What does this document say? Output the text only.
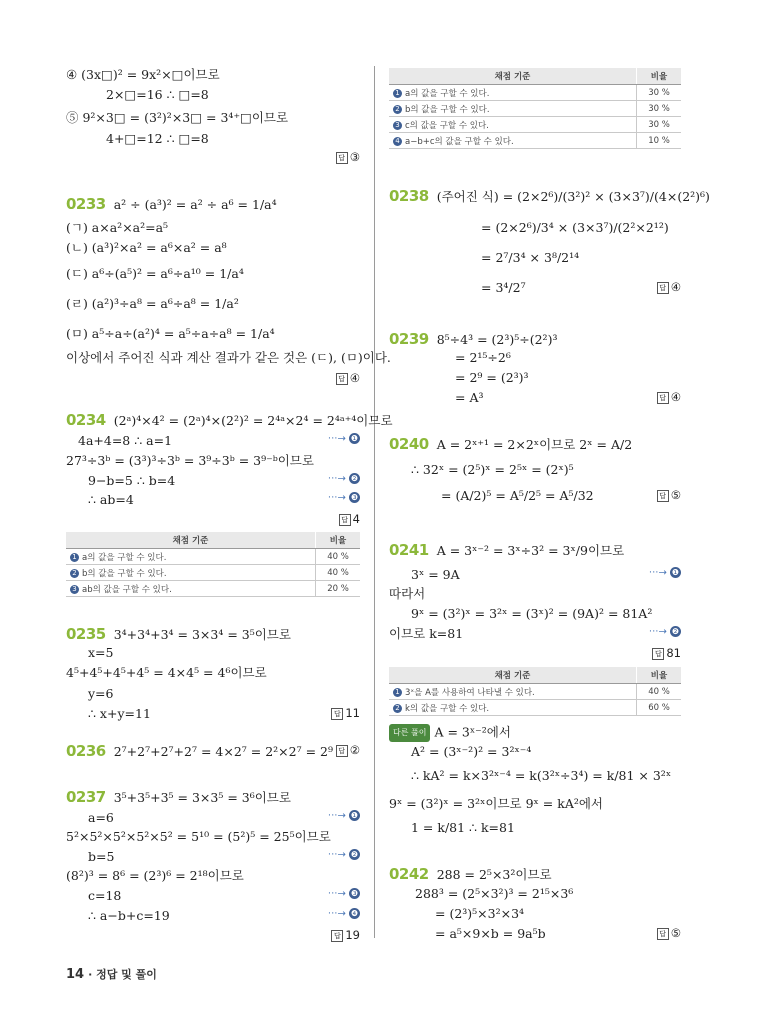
④ (3x□)² = 9x²×□이므로
2×□=16 ∴ □=8
⑤ 9²×3□ = (3²)²×3□ = 3⁴⁺□이므로
4+□=12 ∴ □=8
답 ③
0233 a² ÷ (a³)² = a² ÷ a⁶ = 1/a⁴
(ㄱ) a×a²×a²=a⁵
(ㄴ) (a³)²×a² = a⁶×a² = a⁸
(ㄷ) a⁶÷(a⁵)² = a⁶÷a¹⁰ = 1/a⁴
(ㄹ) (a²)³÷a⁸ = a⁶÷a⁸ = 1/a²
(ㅁ) a⁵÷a÷(a²)⁴ = a⁵÷a÷a⁸ = 1/a⁴
이상에서 주어진 식과 계산 결과가 같은 것은 (ㄷ), (ㅁ)이다.
답 ④
0234 (2ᵃ)⁴×4² = (2ᵃ)⁴×(2²)² = 2⁴ᵃ×2⁴ = 2⁴ᵃ⁺⁴이므로
4a+4=8 ∴ a=1	···→ ❶
27³÷3ᵇ = (3³)³÷3ᵇ = 3⁹÷3ᵇ = 3⁹⁻ᵇ이므로
9−b=5 ∴ b=4	···→ ❷
∴ ab=4	···→ ❸
답 4
채점 기준	비율
1 a의 값을 구할 수 있다.	40 %
2 b의 값을 구할 수 있다.	40 %
3 ab의 값을 구할 수 있다.	20 %
0235 3⁴+3⁴+3⁴ = 3×3⁴ = 3⁵이므로
x=5
4⁵+4⁵+4⁵+4⁵ = 4×4⁵ = 4⁶이므로
y=6
∴ x+y=11	답 11
0236 2⁷+2⁷+2⁷+2⁷ = 4×2⁷ = 2²×2⁷ = 2⁹ 답 ②
0237 3⁵+3⁵+3⁵ = 3×3⁵ = 3⁶이므로
a=6	···→ ❶
5²×5²×5²×5²×5² = 5¹⁰ = (5²)⁵ = 25⁵이므로
b=5	···→ ❷
(8²)³ = 8⁶ = (2³)⁶ = 2¹⁸이므로
c=18	···→ ❸
∴ a−b+c=19	···→ ❹
답 19
채점 기준	비율
1 a의 값을 구할 수 있다.	30 %
2 b의 값을 구할 수 있다.	30 %
3 c의 값을 구할 수 있다.	30 %
4 a−b+c의 값을 구할 수 있다.	10 %
0238 (주어진 식) = (2×2⁶)/(3²)² × (3×3⁷)/(4×(2²)⁶)
= (2×2⁶)/3⁴ × (3×3⁷)/(2²×2¹²)
= 2⁷/3⁴ × 3⁸/2¹⁴
= 3⁴/2⁷	답 ④
0239 8⁵÷4³ = (2³)⁵÷(2²)³
= 2¹⁵÷2⁶
= 2⁹ = (2³)³
= A³	답 ④
0240 A = 2ˣ⁺¹ = 2×2ˣ이므로 2ˣ = A/2
∴ 32ˣ = (2⁵)ˣ = 2⁵ˣ = (2ˣ)⁵
= (A/2)⁵ = A⁵/2⁵ = A⁵/32	답 ⑤
0241 A = 3ˣ⁻² = 3ˣ÷3² = 3ˣ/9이므로
3ˣ = 9A	···→ ❶
따라서
9ˣ = (3²)ˣ = 3²ˣ = (3ˣ)² = (9A)² = 81A²
이므로 k=81	···→ ❷
답 81
채점 기준	비율
1 3ˣ을 A를 사용하여 나타낼 수 있다.	40 %
2 k의 값을 구할 수 있다.	60 %
다른 풀이 A = 3ˣ⁻²에서
A² = (3ˣ⁻²)² = 3²ˣ⁻⁴
∴ kA² = k×3²ˣ⁻⁴ = k(3²ˣ÷3⁴) = k/81 × 3²ˣ
9ˣ = (3²)ˣ = 3²ˣ이므로 9ˣ = kA²에서
1 = k/81 ∴ k=81
0242 288 = 2⁵×3²이므로
288³ = (2⁵×3²)³ = 2¹⁵×3⁶
= (2³)⁵×3²×3⁴
= a⁵×9×b = 9a⁵b	답 ⑤
14 · 정답 및 풀이
